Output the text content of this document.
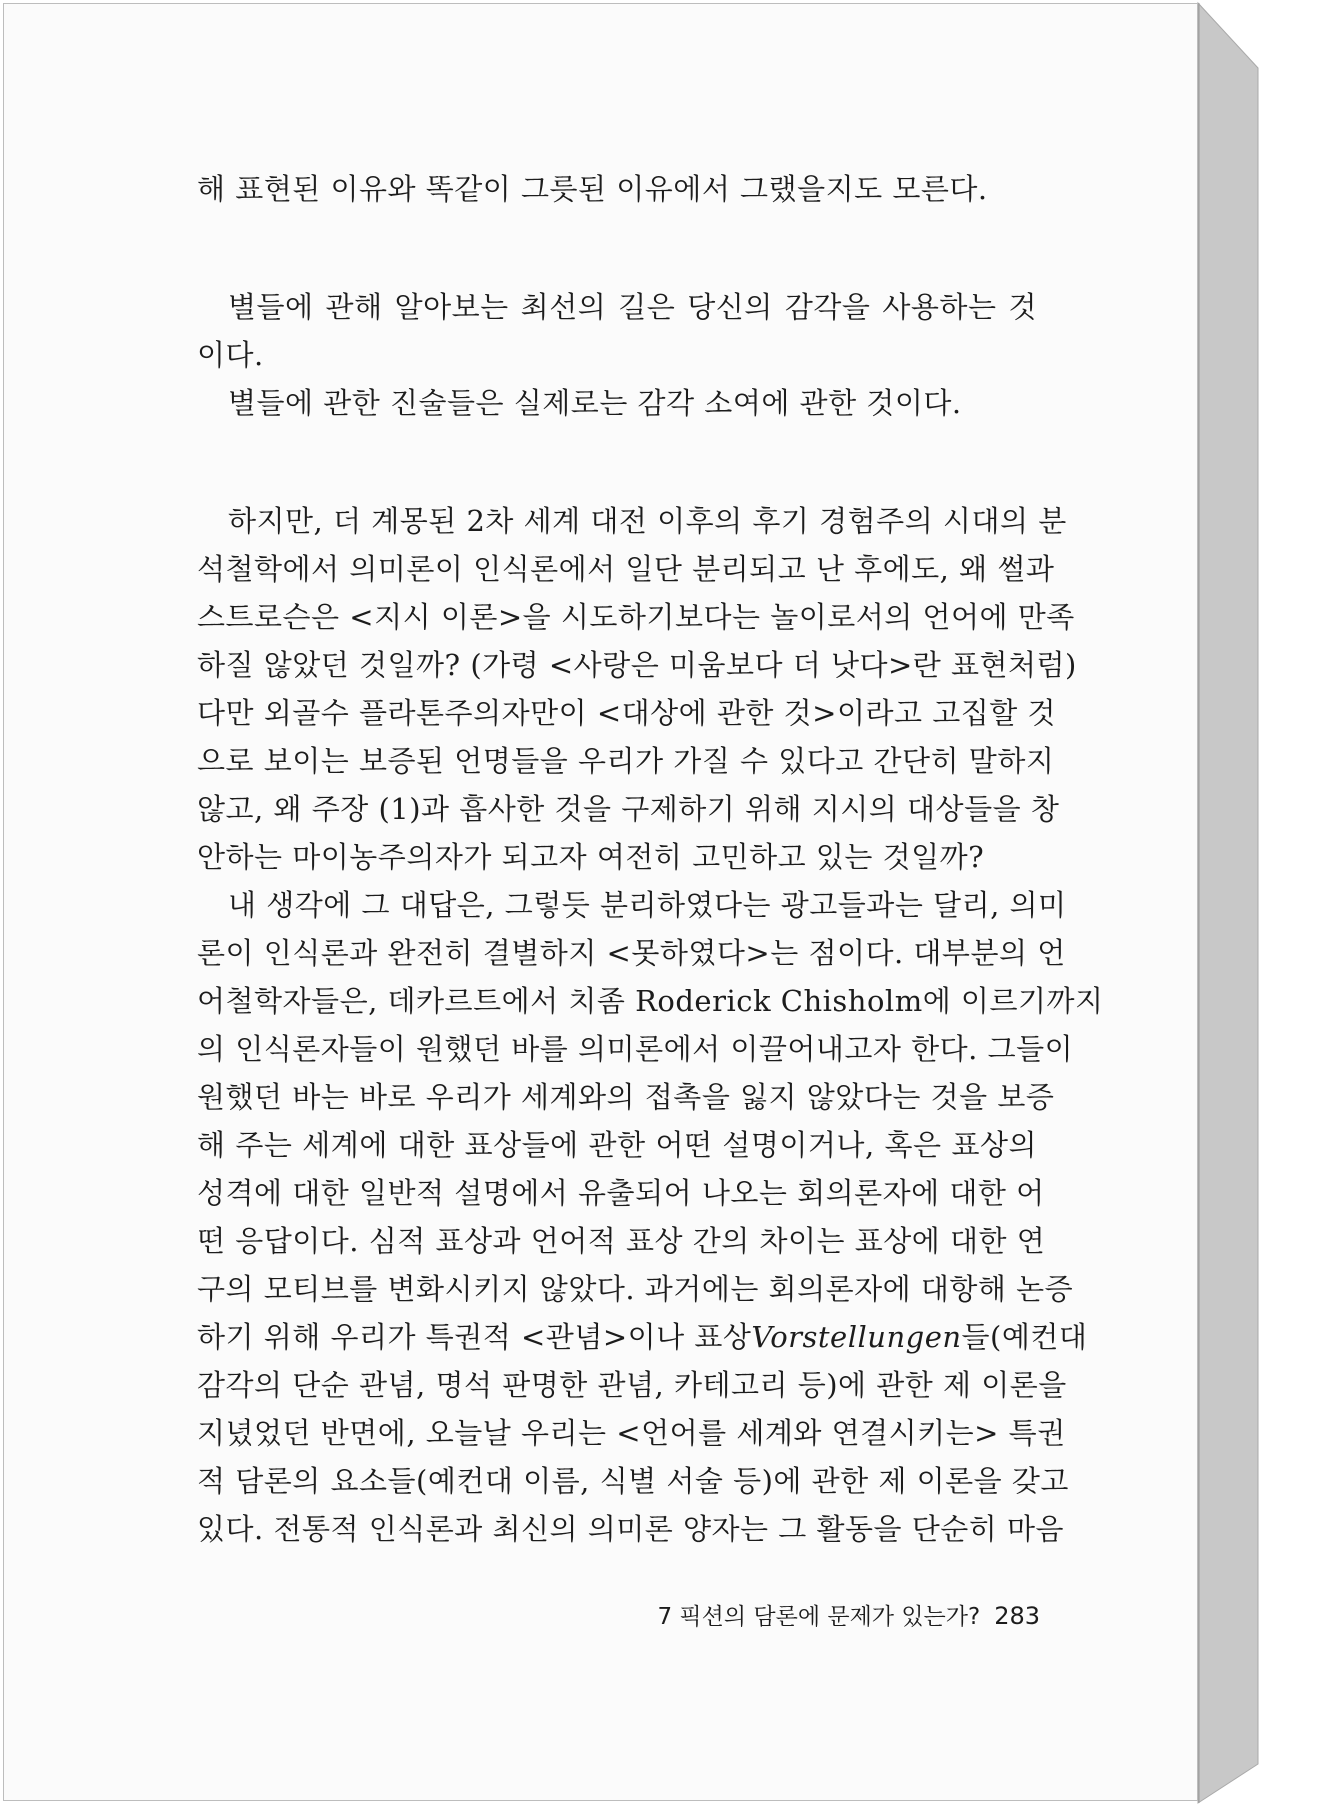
해 표현된 이유와 똑같이 그릇된 이유에서 그랬을지도 모른다.
별들에 관해 알아보는 최선의 길은 당신의 감각을 사용하는 것
이다.
별들에 관한 진술들은 실제로는 감각 소여에 관한 것이다.
하지만, 더 계몽된 2차 세계 대전 이후의 후기 경험주의 시대의 분
석철학에서 의미론이 인식론에서 일단 분리되고 난 후에도, 왜 썰과
스트로슨은 <지시 이론>을 시도하기보다는 놀이로서의 언어에 만족
하질 않았던 것일까? (가령 <사랑은 미움보다 더 낫다>란 표현처럼)
다만 외골수 플라톤주의자만이 <대상에 관한 것>이라고 고집할 것
으로 보이는 보증된 언명들을 우리가 가질 수 있다고 간단히 말하지
않고, 왜 주장 (1)과 흡사한 것을 구제하기 위해 지시의 대상들을 창
안하는 마이농주의자가 되고자 여전히 고민하고 있는 것일까?
내 생각에 그 대답은, 그렇듯 분리하였다는 광고들과는 달리, 의미
론이 인식론과 완전히 결별하지 <못하였다>는 점이다. 대부분의 언
어철학자들은, 데카르트에서 치좀 Roderick Chisholm에 이르기까지
의 인식론자들이 원했던 바를 의미론에서 이끌어내고자 한다. 그들이
원했던 바는 바로 우리가 세계와의 접촉을 잃지 않았다는 것을 보증
해 주는 세계에 대한 표상들에 관한 어떤 설명이거나, 혹은 표상의
성격에 대한 일반적 설명에서 유출되어 나오는 회의론자에 대한 어
떤 응답이다. 심적 표상과 언어적 표상 간의 차이는 표상에 대한 연
구의 모티브를 변화시키지 않았다. 과거에는 회의론자에 대항해 논증
하기 위해 우리가 특권적 <관념>이나 표상Vorstellungen들(예컨대
감각의 단순 관념, 명석 판명한 관념, 카테고리 등)에 관한 제 이론을
지녔었던 반면에, 오늘날 우리는 <언어를 세계와 연결시키는> 특권
적 담론의 요소들(예컨대 이름, 식별 서술 등)에 관한 제 이론을 갖고
있다. 전통적 인식론과 최신의 의미론 양자는 그 활동을 단순히 마음
7 픽션의 담론에 문제가 있는가? 283
